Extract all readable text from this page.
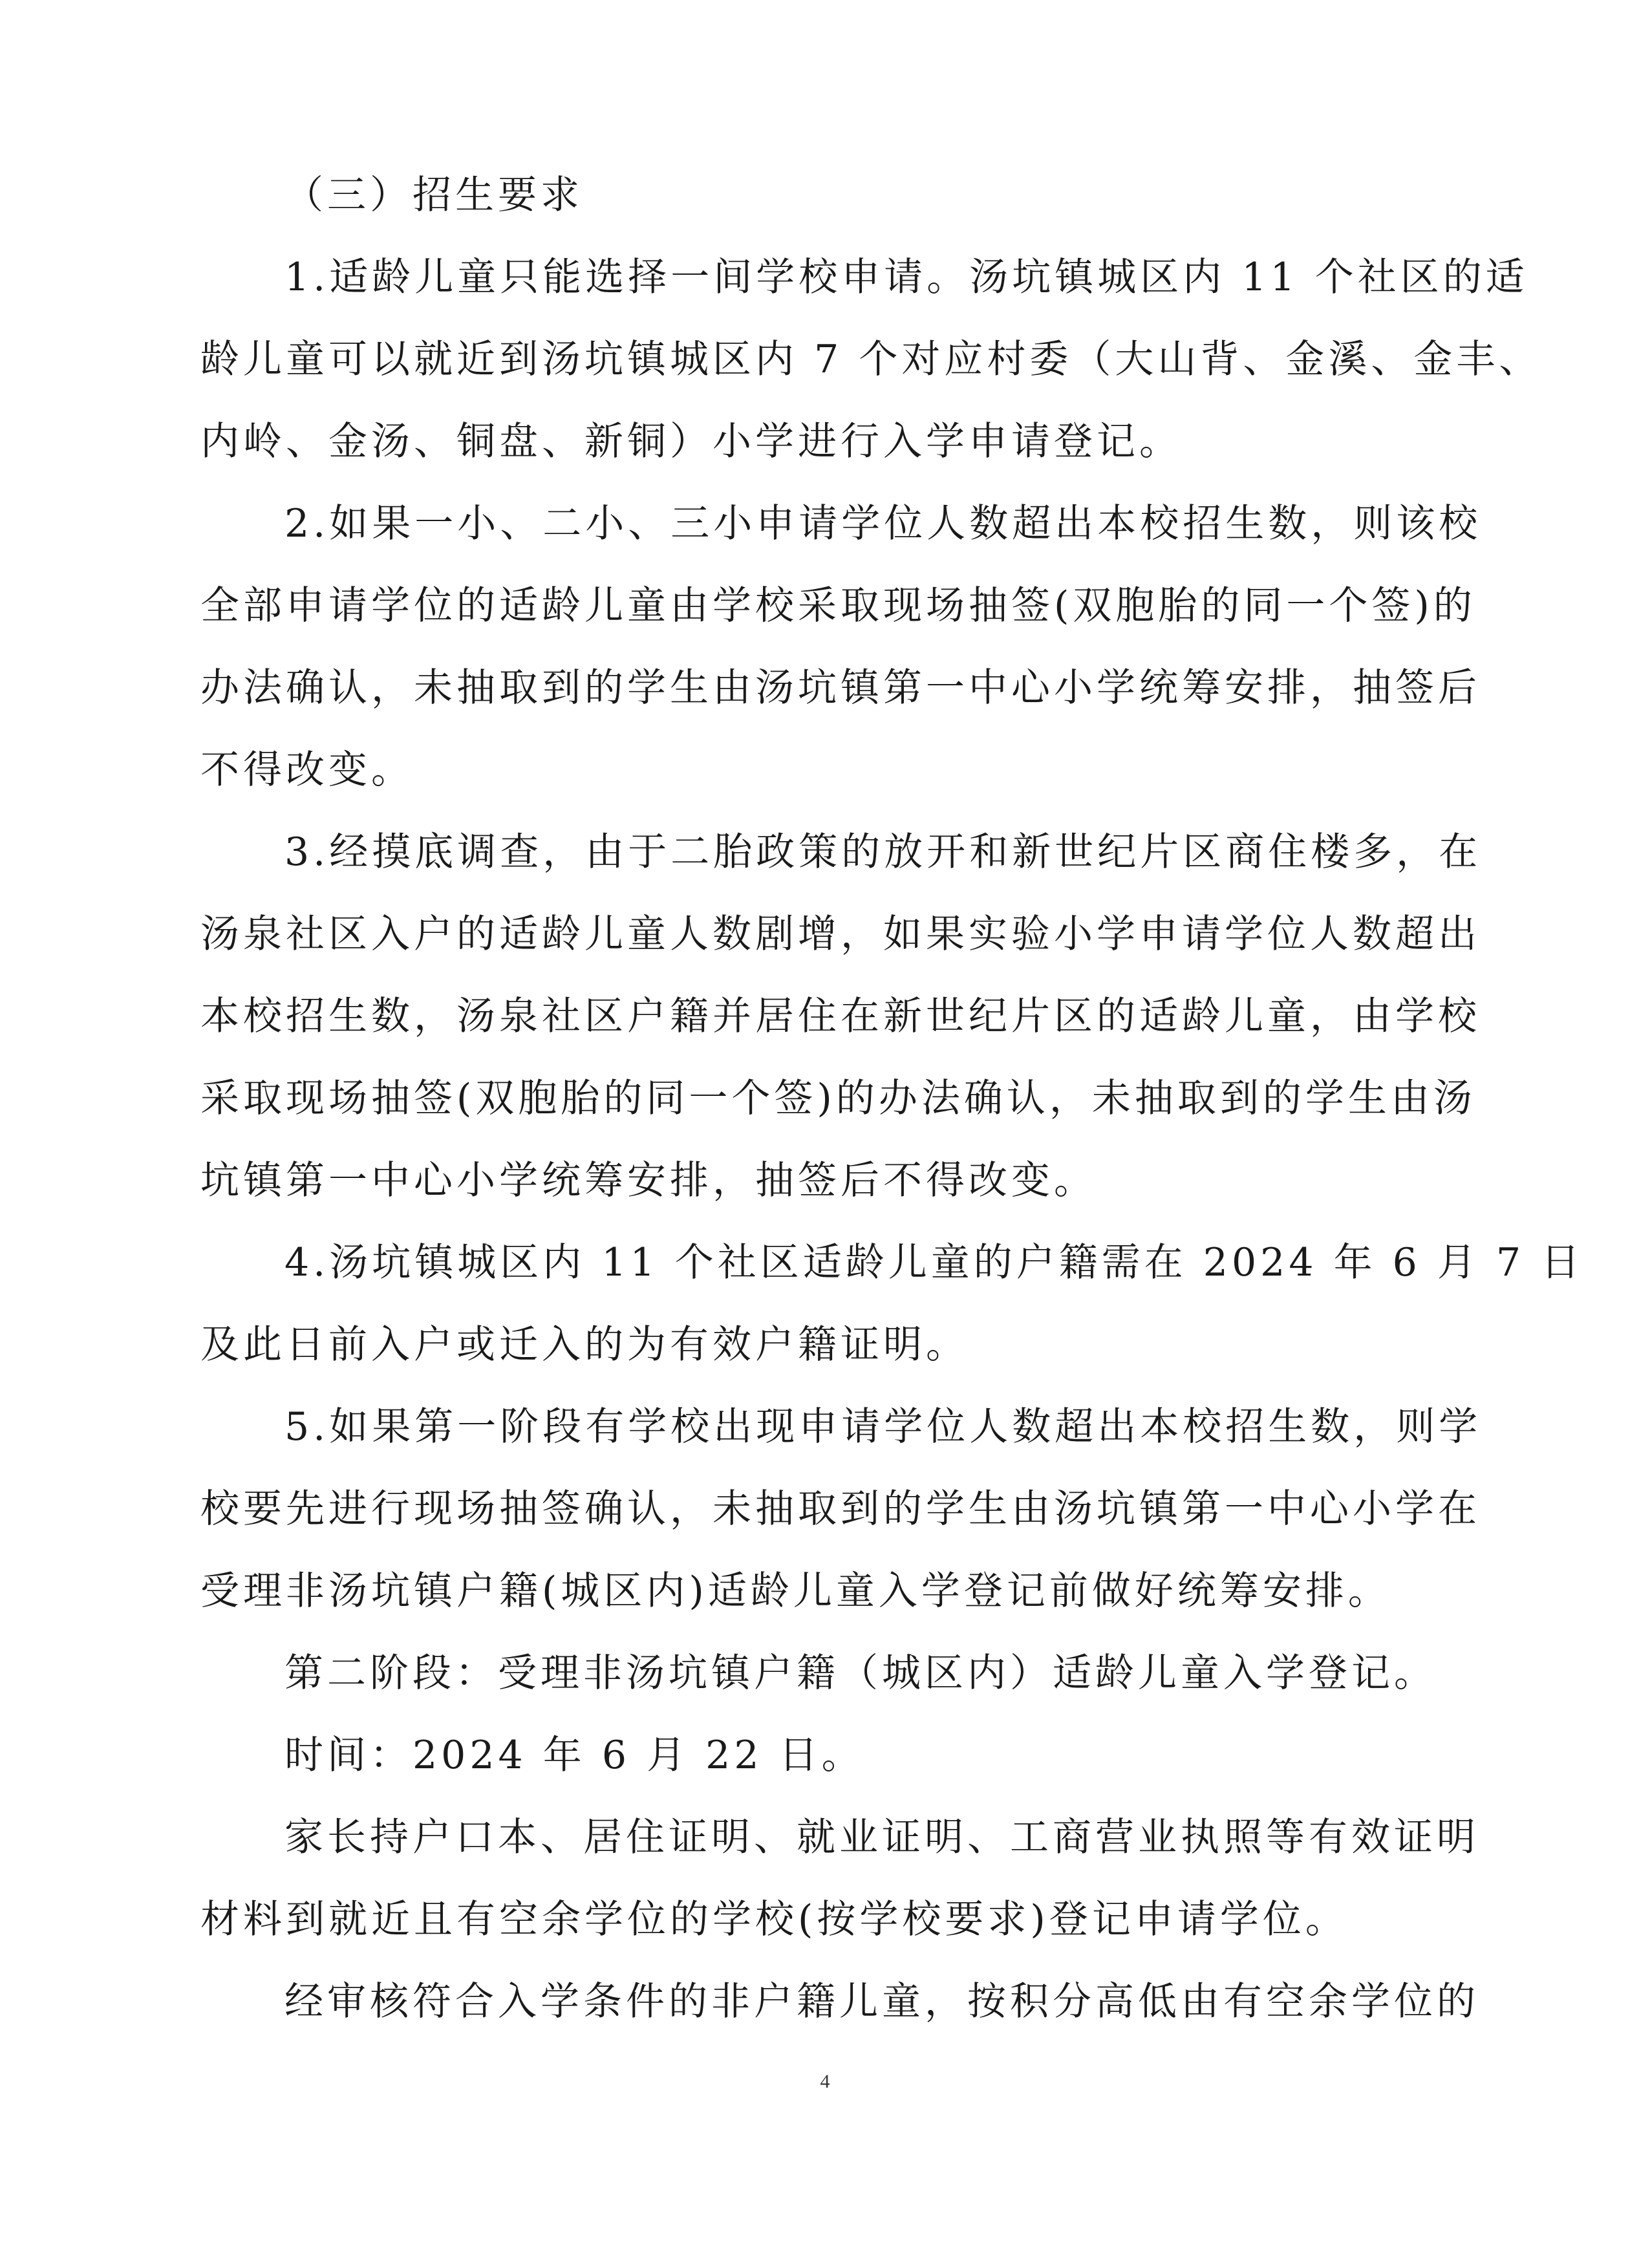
（三）招生要求
1.适龄儿童只能选择一间学校申请。汤坑镇城区内 11 个社区的适
龄儿童可以就近到汤坑镇城区内 7 个对应村委（大山背、金溪、金丰、
内岭、金汤、铜盘、新铜）小学进行入学申请登记。
2.如果一小、二小、三小申请学位人数超出本校招生数，则该校
全部申请学位的适龄儿童由学校采取现场抽签(双胞胎的同一个签)的
办法确认，未抽取到的学生由汤坑镇第一中心小学统筹安排，抽签后
不得改变。
3.经摸底调查，由于二胎政策的放开和新世纪片区商住楼多，在
汤泉社区入户的适龄儿童人数剧增，如果实验小学申请学位人数超出
本校招生数，汤泉社区户籍并居住在新世纪片区的适龄儿童，由学校
采取现场抽签(双胞胎的同一个签)的办法确认，未抽取到的学生由汤
坑镇第一中心小学统筹安排，抽签后不得改变。
4.汤坑镇城区内 11 个社区适龄儿童的户籍需在 2024 年 6 月 7 日
及此日前入户或迁入的为有效户籍证明。
5.如果第一阶段有学校出现申请学位人数超出本校招生数，则学
校要先进行现场抽签确认，未抽取到的学生由汤坑镇第一中心小学在
受理非汤坑镇户籍(城区内)适龄儿童入学登记前做好统筹安排。
第二阶段：受理非汤坑镇户籍（城区内）适龄儿童入学登记。
时间：2024 年 6 月 22 日。
家长持户口本、居住证明、就业证明、工商营业执照等有效证明
材料到就近且有空余学位的学校(按学校要求)登记申请学位。
经审核符合入学条件的非户籍儿童，按积分高低由有空余学位的
4
